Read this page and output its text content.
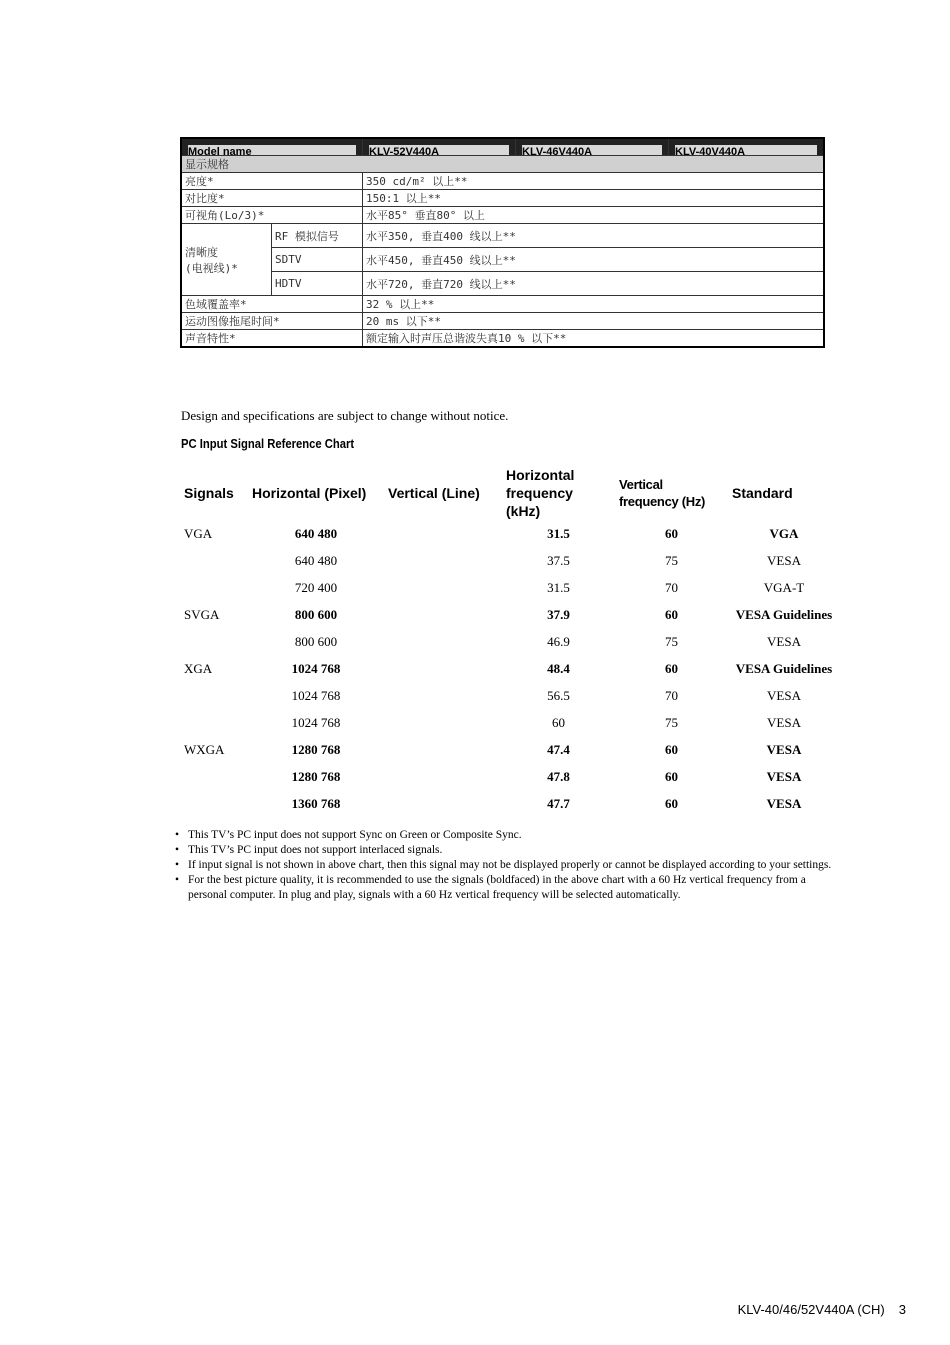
Model name		KLV-52V440A	KLV-46V440A	KLV-40V440A

显示规格				
亮度*		350 cd/m² 以上**		
对比度*		150:1 以上**		
可视角(Lo/3)*		水平85° 垂直80° 以上		

清晰度
(电视线)*	RF 模拟信号	水平350, 垂直400 线以上**		
	SDTV	水平450, 垂直450 线以上**		
	HDTV	水平720, 垂直720 线以上**		
色域覆盖率*		32 % 以上**		
运动图像拖尾时间*		20 ms 以下**		
声音特性*		额定输入时声压总谐波失真10 % 以下**		
Design and specifications are subject to change without notice.
PC Input Signal Reference Chart
Signals	Horizontal (Pixel)	Vertical (Line)	Horizontal frequency (kHz)	Vertical frequency (Hz)	Standard
VGA	640 480		31.5	60	VGA
	640 480		37.5	75	VESA
	720 400		31.5	70	VGA-T
SVGA	800 600		37.9	60	VESA Guidelines
	800 600		46.9	75	VESA
XGA	1024 768		48.4	60	VESA Guidelines
	1024 768		56.5	70	VESA
	1024 768		60	75	VESA
WXGA	1280 768		47.4	60	VESA
	1280 768		47.8	60	VESA
	1360 768		47.7	60	VESA
• This TV’s PC input does not support Sync on Green or Composite Sync.
• This TV’s PC input does not support interlaced signals.
• If input signal is not shown in above chart, then this signal may not be displayed properly or cannot be displayed according to your settings.
• For the best picture quality, it is recommended to use the signals (boldfaced) in the above chart with a 60 Hz vertical frequency from a personal computer. In plug and play, signals with a 60 Hz vertical frequency will be selected automatically.
KLV-40/46/52V440A (CH) 3
